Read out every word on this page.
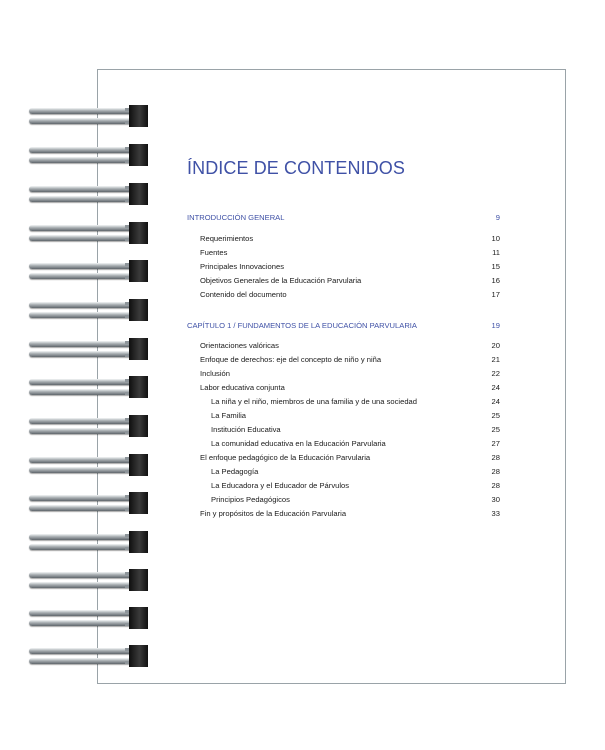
ÍNDICE DE CONTENIDOS
INTRODUCCIÓN GENERAL	9
Requerimientos	10
Fuentes	11
Principales Innovaciones	15
Objetivos Generales de la Educación Parvularia	16
Contenido del documento	17
CAPÍTULO 1 / FUNDAMENTOS DE LA EDUCACIÓN PARVULARIA	19
Orientaciones valóricas	20
Enfoque de derechos: eje del concepto de niño y niña	21
Inclusión	22
Labor educativa conjunta	24
La niña y el niño, miembros de una familia y de una sociedad	24
La Familia	25
Institución Educativa	25
La comunidad educativa en la Educación Parvularia	27
El enfoque pedagógico de la Educación Parvularia	28
La Pedagogía	28
La Educadora y el Educador de Párvulos	28
Principios Pedagógicos	30
Fin y propósitos de la Educación Parvularia	33
